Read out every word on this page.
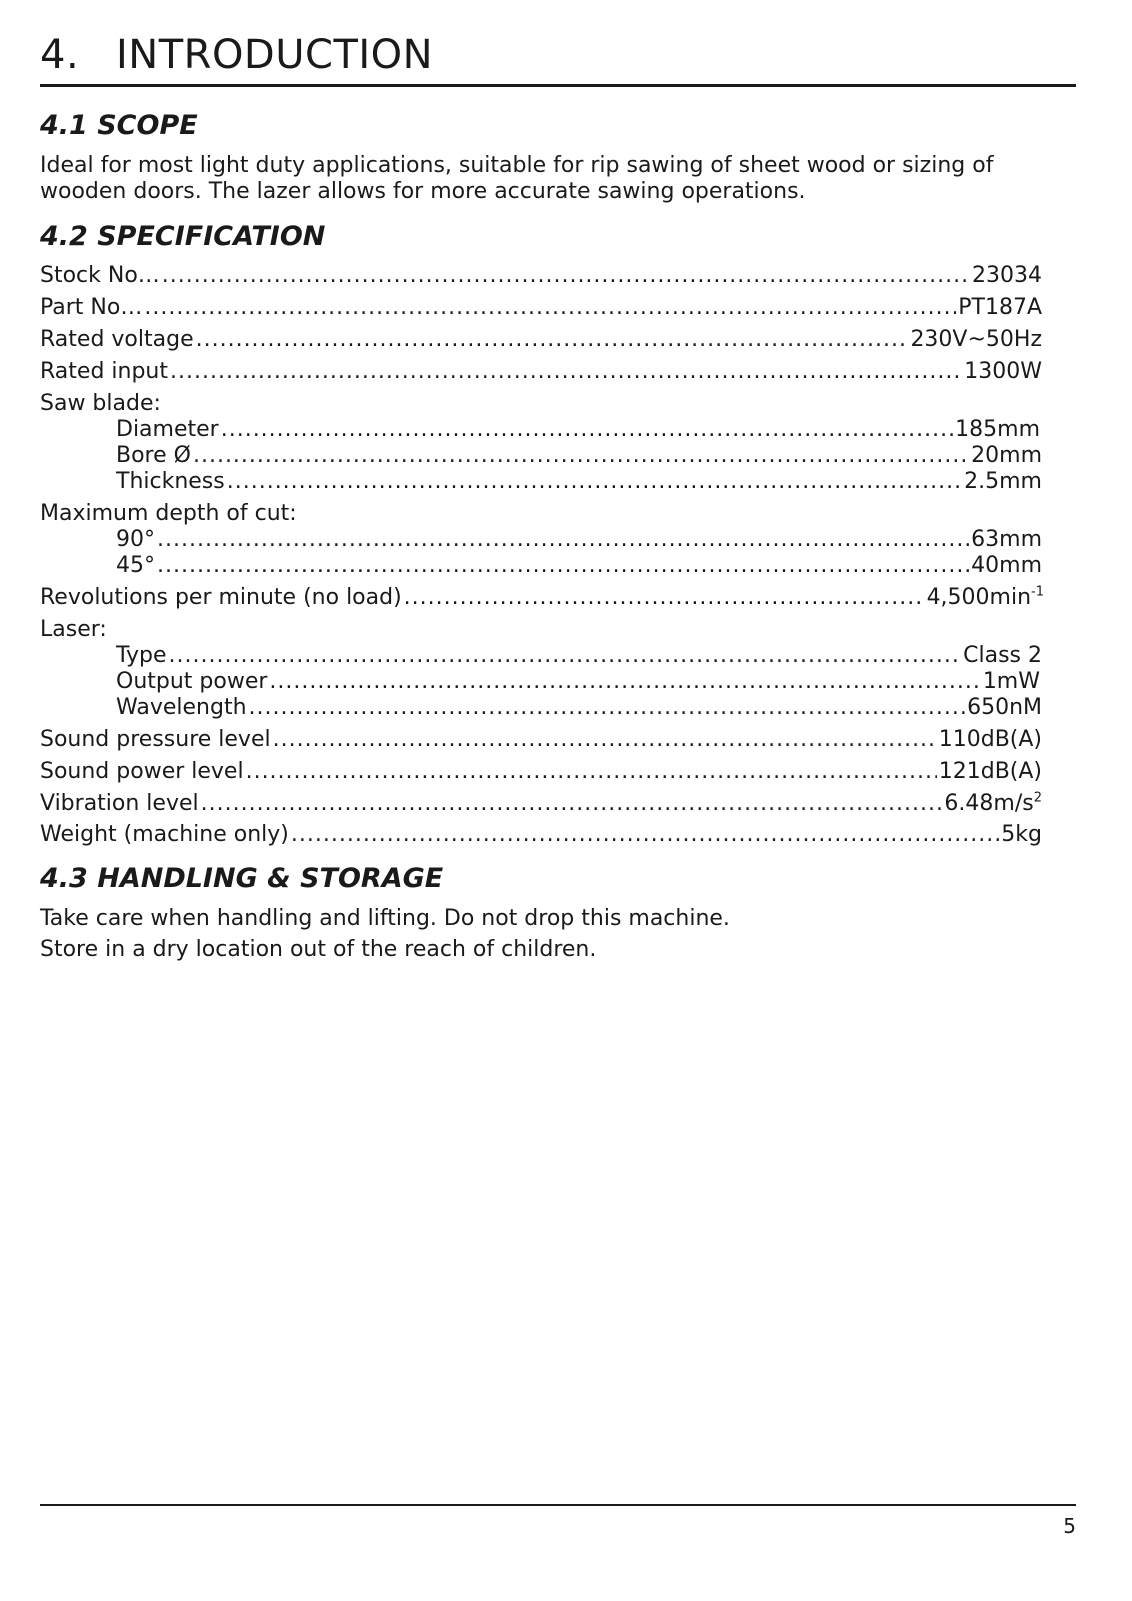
4. INTRODUCTION
4.1 SCOPE
Ideal for most light duty applications, suitable for rip sawing of sheet wood or sizing of
wooden doors. The lazer allows for more accurate sawing operations.
4.2 SPECIFICATION
Stock No… .....	23034
Part No… .....	PT187A
Rated voltage .....	230V~50Hz
Rated input .....	1300W
Saw blade:
Diameter .....	185mm
Bore Ø .....	20mm
Thickness .....	2.5mm
Maximum depth of cut:
90° .....	63mm
45° .....	40mm
Revolutions per minute (no load) .....	$4,500\min^{-1}$
Laser:
Type .....	Class 2
Output power .....	1mW
Wavelength .....	650nM
Sound pressure level .....	110dB(A)
Sound power level .....	121dB(A)
Vibration level .....	$6.48m/s^2$
Weight (machine only) .....	5kg
4.3 HANDLING & STORAGE
Take care when handling and lifting. Do not drop this machine.
Store in a dry location out of the reach of children.
5
